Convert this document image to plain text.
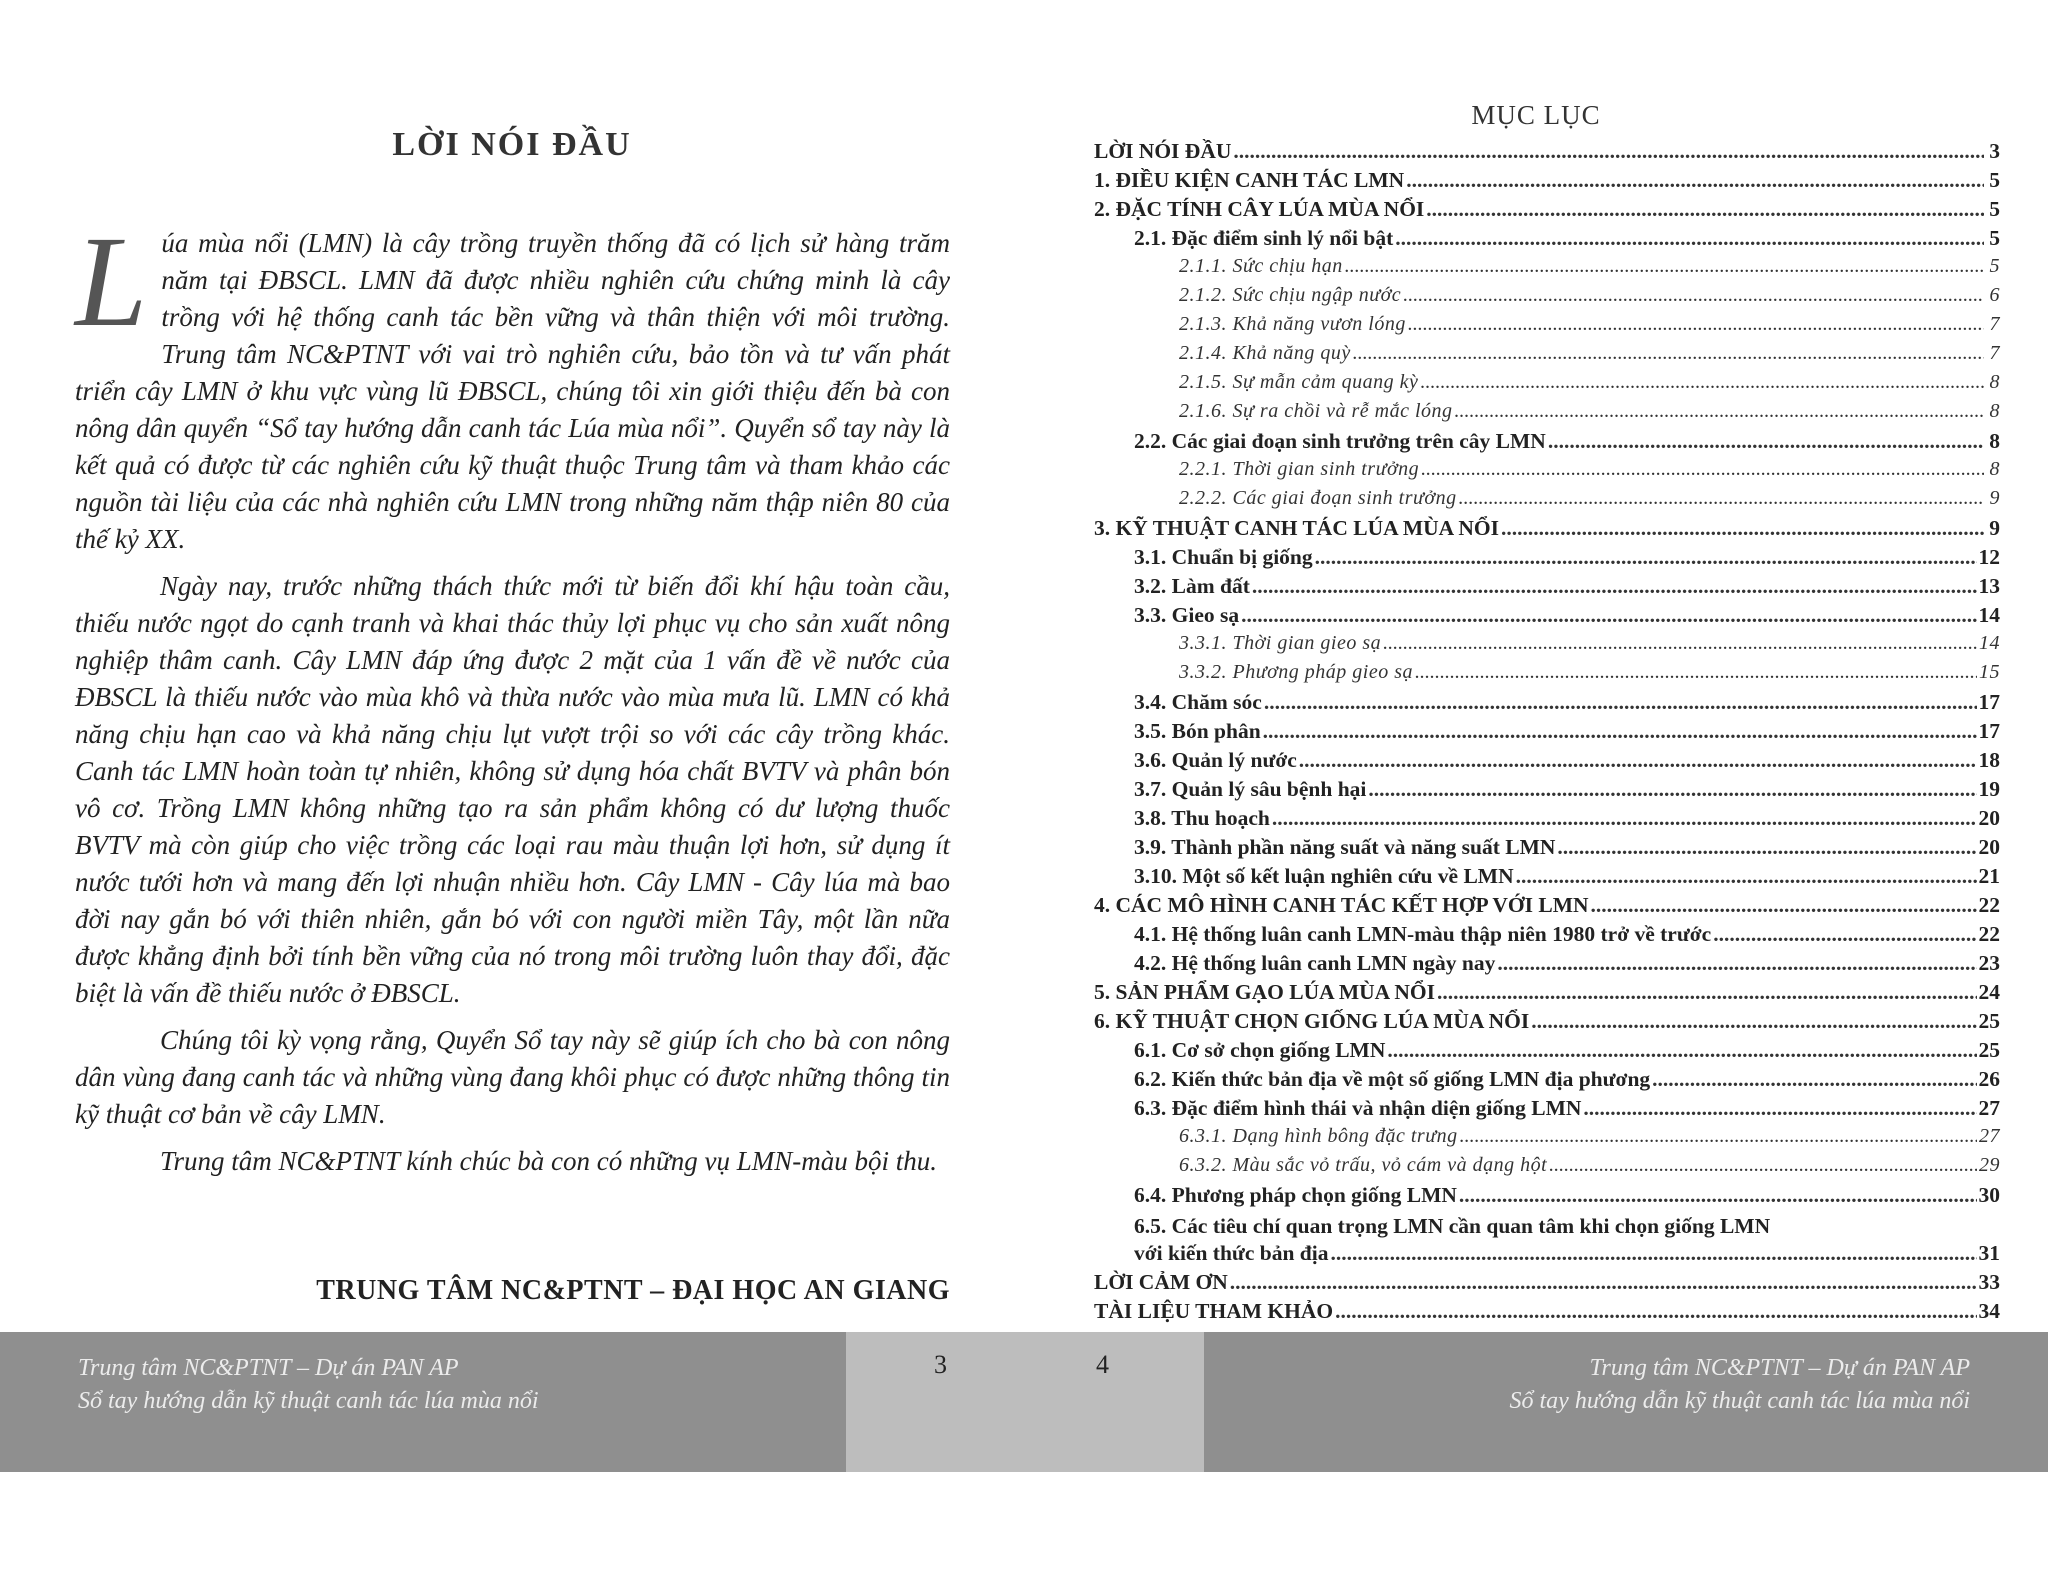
LỜI NÓI ĐẦU

Lúa mùa nổi (LMN) là cây trồng truyền thống đã có lịch sử hàng trăm năm tại ĐBSCL. LMN đã được nhiều nghiên cứu chứng minh là cây trồng với hệ thống canh tác bền vững và thân thiện với môi trường. Trung tâm NC&PTNT với vai trò nghiên cứu, bảo tồn và tư vấn phát triển cây LMN ở khu vực vùng lũ ĐBSCL, chúng tôi xin giới thiệu đến bà con nông dân quyển “Sổ tay hướng dẫn canh tác Lúa mùa nổi”. Quyển sổ tay này là kết quả có được từ các nghiên cứu kỹ thuật thuộc Trung tâm và tham khảo các nguồn tài liệu của các nhà nghiên cứu LMN trong những năm thập niên 80 của thế kỷ XX.

Ngày nay, trước những thách thức mới từ biến đổi khí hậu toàn cầu, thiếu nước ngọt do cạnh tranh và khai thác thủy lợi phục vụ cho sản xuất nông nghiệp thâm canh. Cây LMN đáp ứng được 2 mặt của 1 vấn đề về nước của ĐBSCL là thiếu nước vào mùa khô và thừa nước vào mùa mưa lũ. LMN có khả năng chịu hạn cao và khả năng chịu lụt vượt trội so với các cây trồng khác. Canh tác LMN hoàn toàn tự nhiên, không sử dụng hóa chất BVTV và phân bón vô cơ. Trồng LMN không những tạo ra sản phẩm không có dư lượng thuốc BVTV mà còn giúp cho việc trồng các loại rau màu thuận lợi hơn, sử dụng ít nước tưới hơn và mang đến lợi nhuận nhiều hơn. Cây LMN - Cây lúa mà bao đời nay gắn bó với thiên nhiên, gắn bó với con người miền Tây, một lần nữa được khẳng định bởi tính bền vững của nó trong môi trường luôn thay đổi, đặc biệt là vấn đề thiếu nước ở ĐBSCL.

Chúng tôi kỳ vọng rằng, Quyển Sổ tay này sẽ giúp ích cho bà con nông dân vùng đang canh tác và những vùng đang khôi phục có được những thông tin kỹ thuật cơ bản về cây LMN.

Trung tâm NC&PTNT kính chúc bà con có những vụ LMN-màu bội thu.

TRUNG TÂM NC&PTNT – ĐẠI HỌC AN GIANG
MỤC LỤC
LỜI NÓI ĐẦU .....	3
1. ĐIỀU KIỆN CANH TÁC LMN .....	5
2. ĐẶC TÍNH CÂY LÚA MÙA NỔI .....	5
2.1. Đặc điểm sinh lý nổi bật .....	5
2.1.1. Sức chịu hạn .....	5
2.1.2. Sức chịu ngập nước .....	6
2.1.3. Khả năng vươn lóng .....	7
2.1.4. Khả năng quỳ .....	7
2.1.5. Sự mẫn cảm quang kỳ .....	8
2.1.6. Sự ra chồi và rễ mắc lóng .....	8
2.2. Các giai đoạn sinh trưởng trên cây LMN .....	8
2.2.1. Thời gian sinh trưởng .....	8
2.2.2. Các giai đoạn sinh trưởng .....	9
3. KỸ THUẬT CANH TÁC LÚA MÙA NỔI .....	9
3.1. Chuẩn bị giống .....	12
3.2. Làm đất .....	13
3.3. Gieo sạ .....	14
3.3.1. Thời gian gieo sạ .....	14
3.3.2. Phương pháp gieo sạ .....	15
3.4. Chăm sóc .....	17
3.5. Bón phân .....	17
3.6. Quản lý nước .....	18
3.7. Quản lý sâu bệnh hại .....	19
3.8. Thu hoạch .....	20
3.9. Thành phần năng suất và năng suất LMN .....	20
3.10. Một số kết luận nghiên cứu về LMN .....	21
4. CÁC MÔ HÌNH CANH TÁC KẾT HỢP VỚI LMN .....	22
4.1. Hệ thống luân canh LMN-màu thập niên 1980 trở về trước .....	22
4.2. Hệ thống luân canh LMN ngày nay .....	23
5. SẢN PHẨM GẠO LÚA MÙA NỔI .....	24
6. KỸ THUẬT CHỌN GIỐNG LÚA MÙA NỔI .....	25
6.1. Cơ sở chọn giống LMN .....	25
6.2. Kiến thức bản địa về một số giống LMN địa phương .....	26
6.3. Đặc điểm hình thái và nhận diện giống LMN .....	27
6.3.1. Dạng hình bông đặc trưng .....	27
6.3.2. Màu sắc vỏ trấu, vỏ cám và dạng hột .....	29
6.4. Phương pháp chọn giống LMN .....	30
6.5. Các tiêu chí quan trọng LMN cần quan tâm khi chọn giống LMN
với kiến thức bản địa .....	31
LỜI CẢM ƠN .....	33
TÀI LIỆU THAM KHẢO .....	34
Trung tâm NC&PTNT – Dự án PAN AP
Sổ tay hướng dẫn kỹ thuật canh tác lúa mùa nổi
3	4	Trung tâm NC&PTNT – Dự án PAN AP
Sổ tay hướng dẫn kỹ thuật canh tác lúa mùa nổi
